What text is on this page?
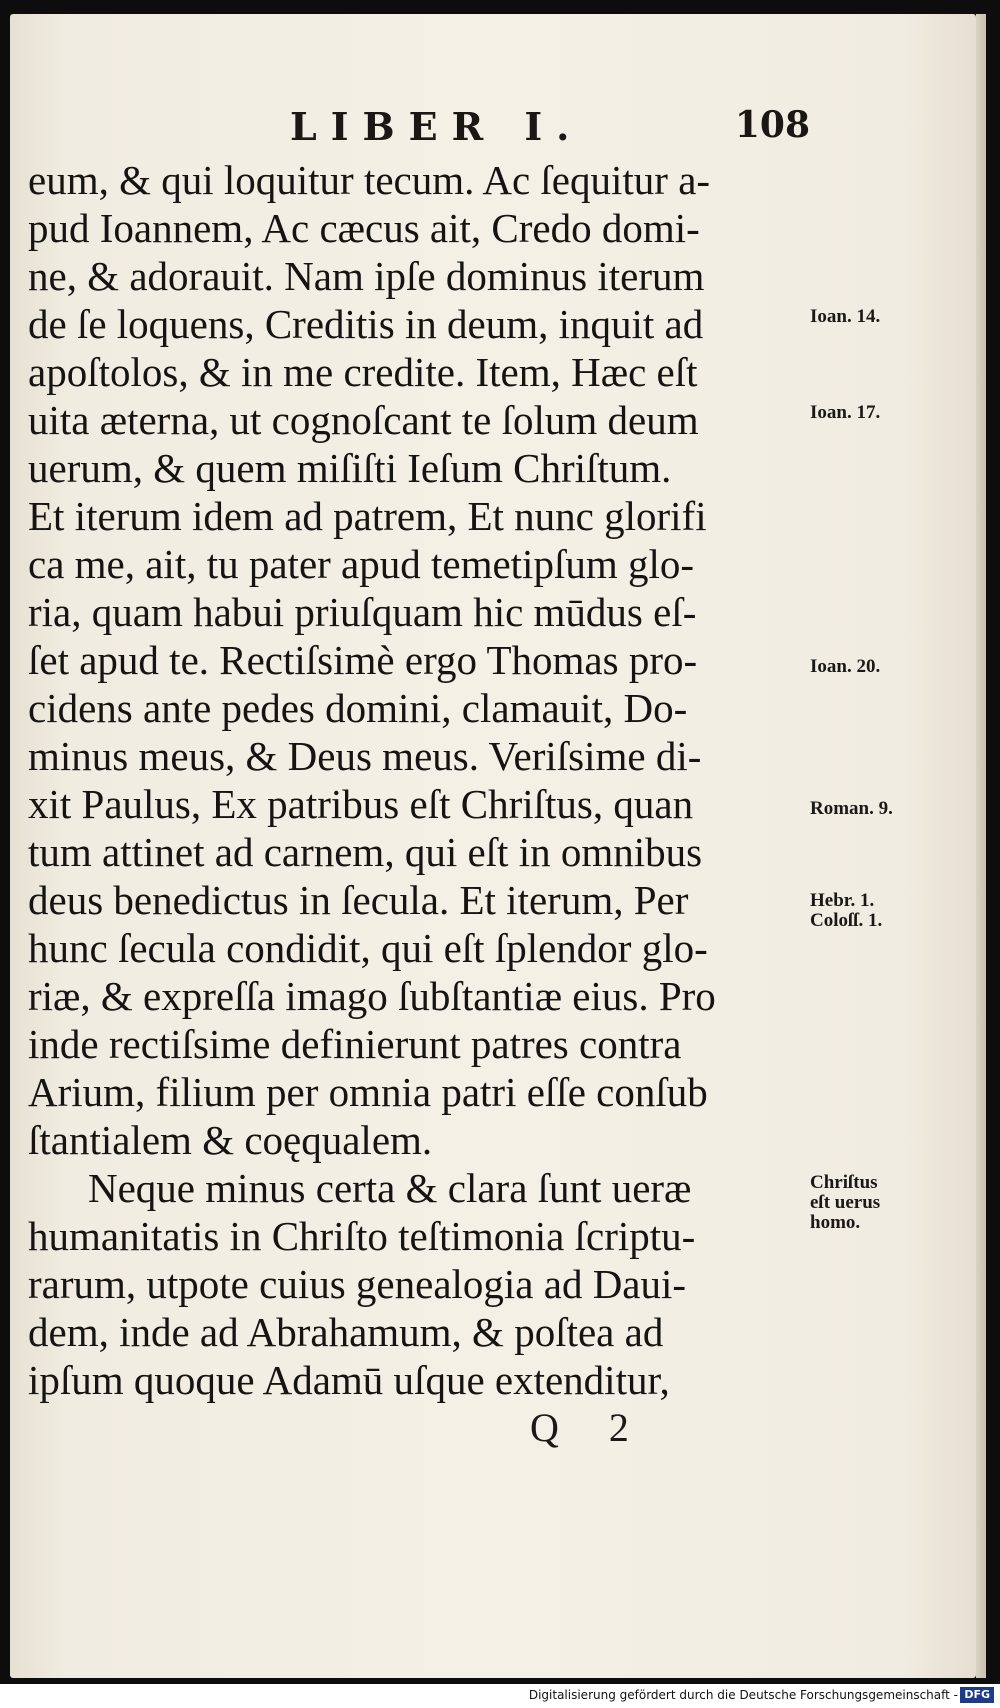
LIBER I.	108
eum, & qui loquitur tecum. Ac ſequitur a-
pud Ioannem, Ac cæcus ait, Credo domi-
ne, & adorauit. Nam ipſe dominus iterum
de ſe loquens, Creditis in deum, inquit ad
apoſtolos, & in me credite. Item, Hæc eſt
uita æterna, ut cognoſcant te ſolum deum
uerum, & quem miſiſti Ieſum Chriſtum.
Et iterum idem ad patrem, Et nunc glorifi
ca me, ait, tu pater apud temetipſum glo-
ria, quam habui priuſquam hic mūdus eſ-
ſet apud te. Rectiſsimè ergo Thomas pro-
cidens ante pedes domini, clamauit, Do-
minus meus, & Deus meus. Veriſsime di-
xit Paulus, Ex patribus eſt Chriſtus, quan
tum attinet ad carnem, qui eſt in omnibus
deus benedictus in ſecula. Et iterum, Per
hunc ſecula condidit, qui eſt ſplendor glo-
riæ, & expreſſa imago ſubſtantiæ eius. Pro
inde rectiſsime definierunt patres contra
Arium, filium per omnia patri eſſe conſub
ſtantialem & coęqualem.
Neque minus certa & clara ſunt ueræ
humanitatis in Chriſto teſtimonia ſcriptu-
rarum, utpote cuius genealogia ad Daui-
dem, inde ad Abrahamum, & poſtea ad
ipſum quoque Adamū uſque extenditur,
Ioan. 14.
Ioan. 17.
Ioan. 20.
Roman. 9.
Hebr. 1.
Coloſſ. 1.
Chriſtus
eſt uerus
homo.
Q 2
Digitalisierung gefördert durch die Deutsche Forschungsgemeinschaft - DFG
